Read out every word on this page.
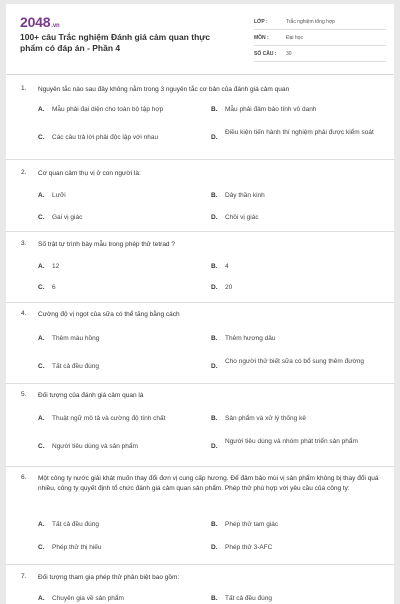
2048.vn
100+ câu Trắc nghiệm Đánh giá cảm quan thực phẩm có đáp án - Phần 4
LỚP :	Trắc nghiệm tổng hợp
MÔN :	Đại học
SỐ CÂU :	30
1. Nguyên tắc nào sau đây không nằm trong 3 nguyên tắc cơ bản của đánh giá cảm quan
A. Mẫu phải đại diện cho toàn bộ tập hợp	B. Mẫu phải đảm bảo tính vô danh
C. Các câu trả lời phải độc lập với nhau	D.
Điều kiện tiến hành thí nghiệm phải được kiểm soát
2. Cơ quan cảm thụ vị ở con người là:
A. Lưỡi	B. Dây thần kinh
C. Gai vị giác	D. Chồi vị giác
3. Số trật tự trình bày mẫu trong phép thử tetrad ?
A. 12	B. 4
C. 6	D. 20
4. Cường độ vị ngọt của sữa có thể tăng bằng cách
A. Thêm màu hồng	B. Thêm hương dâu
C. Tất cả đều đúng	D.
Cho người thử biết sữa có bổ sung thêm đường
5. Đối tượng của đánh giá cảm quan là
A. Thuật ngữ mô tả và cường độ tính chất	B. Sản phẩm và xử lý thống kê
C. Người tiêu dùng và sản phẩm	D.
Người tiêu dùng và nhóm phát triển sản phẩm
6. Một công ty nước giải khát muốn thay đổi đơn vị cung cấp hương. Để đảm bảo mùi vị sản phẩm không bị thay đổi quá nhiều, công ty quyết định tổ chức đánh giá cảm quan sản phẩm. Phép thử phù hợp với yêu cầu của công ty:
A. Tất cả đều đúng	B. Phép thử tam giác
C. Phép thử thị hiếu	D. Phép thử 3-AFC
7. Đối tượng tham gia phép thử phân biệt bao gồm:
A. Chuyên gia về sản phẩm	B. Tất cả đều đúng
